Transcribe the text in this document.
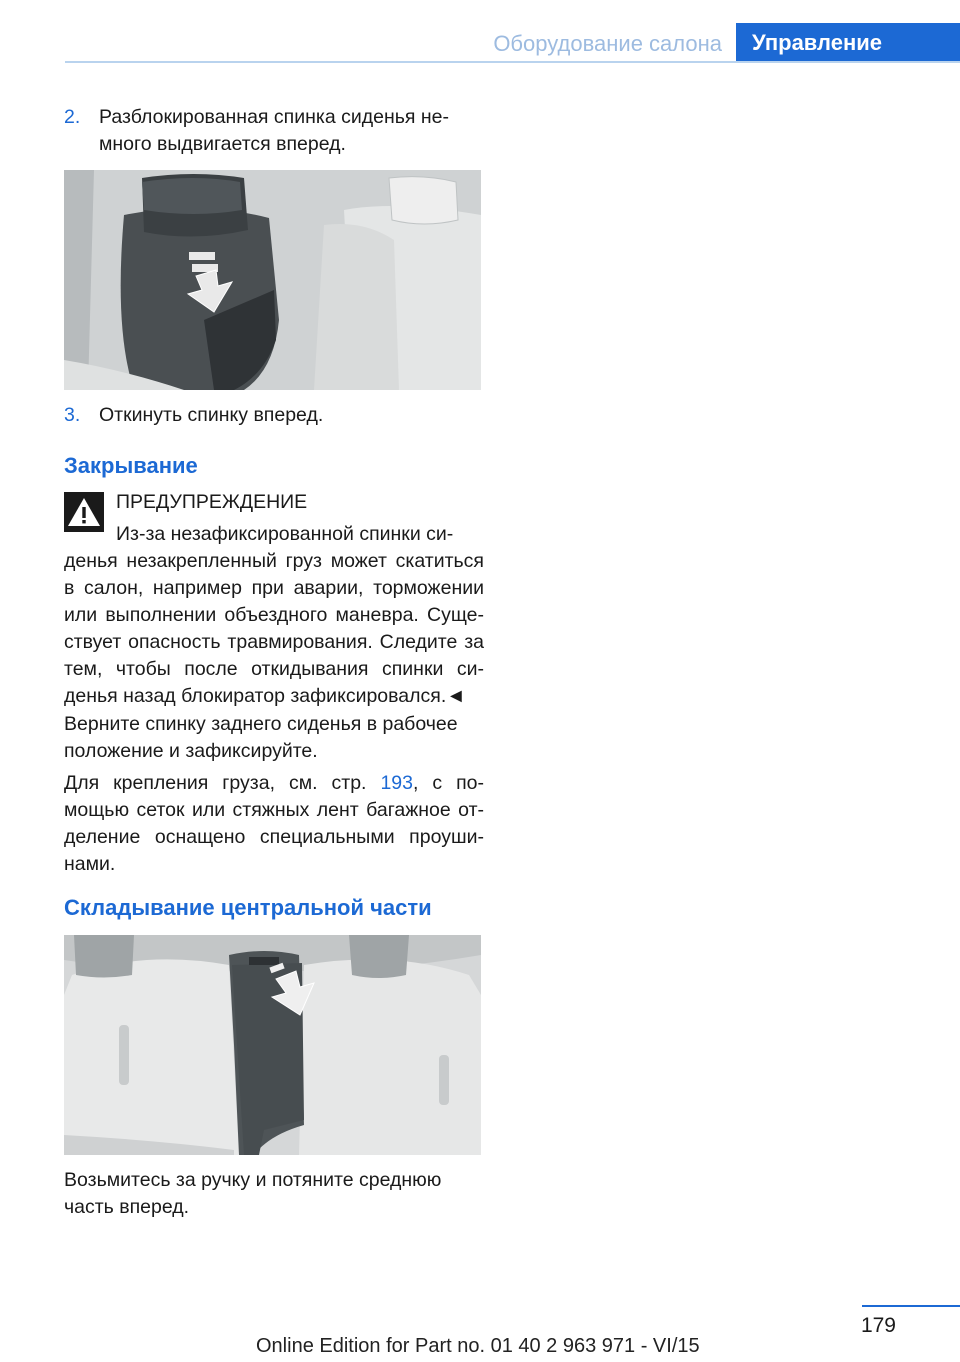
Оборудование салона	Управление
2. Разблокированная спинка сиденья не-
много выдвигается вперед.
3. Откинуть спинку вперед.
Закрывание
ПРЕДУПРЕЖДЕНИЕ
Из-за незафиксированной спинки си-
денья незакрепленный груз может скатиться в салон, например при аварии, торможении или выполнении объездного маневра. Суще-ствует опасность травмирования. Следите за тем, чтобы после откидывания спинки си-денья назад блокиратор зафиксировался.◄
Верните спинку заднего сиденья в рабочее положение и зафиксируйте.
Для крепления груза, см. стр. 193, с по-мощью сеток или стяжных лент багажное от-деление оснащено специальными проуши-нами.
Складывание центральной части
Возьмитесь за ручку и потяните среднюю часть вперед.
179
Online Edition for Part no. 01 40 2 963 971 - VI/15
